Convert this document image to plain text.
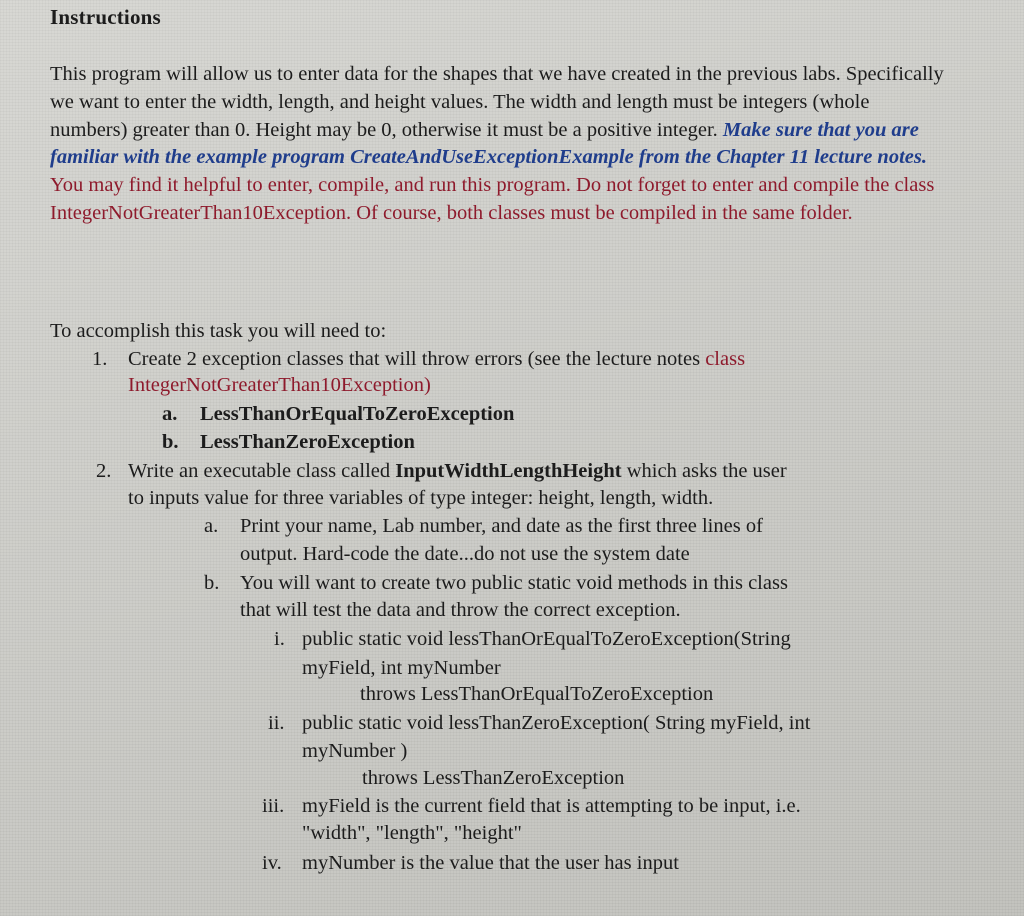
Instructions
This program will allow us to enter data for the shapes that we have created in the previous labs. Specifically we want to enter the width, length, and height values. The width and length must be integers (whole numbers) greater than 0. Height may be 0, otherwise it must be a positive integer. Make sure that you are familiar with the example program CreateAndUseExceptionExample from the Chapter 11 lecture notes. You may find it helpful to enter, compile, and run this program. Do not forget to enter and compile the class IntegerNotGreaterThan10Exception. Of course, both classes must be compiled in the same folder.
To accomplish this task you will need to:
1. Create 2 exception classes that will throw errors (see the lecture notes class
IntegerNotGreaterThan10Exception)
a. LessThanOrEqualToZeroException
b. LessThanZeroException
2. Write an executable class called InputWidthLengthHeight which asks the user
to inputs value for three variables of type integer: height, length, width.
a. Print your name, Lab number, and date as the first three lines of
output. Hard-code the date...do not use the system date
b. You will want to create two public static void methods in this class
that will test the data and throw the correct exception.
i. public static void lessThanOrEqualToZeroException(String
myField, int myNumber
throws LessThanOrEqualToZeroException
ii. public static void lessThanZeroException( String myField, int
myNumber )
throws LessThanZeroException
iii. myField is the current field that is attempting to be input, i.e.
"width", "length", "height"
iv. myNumber is the value that the user has input
